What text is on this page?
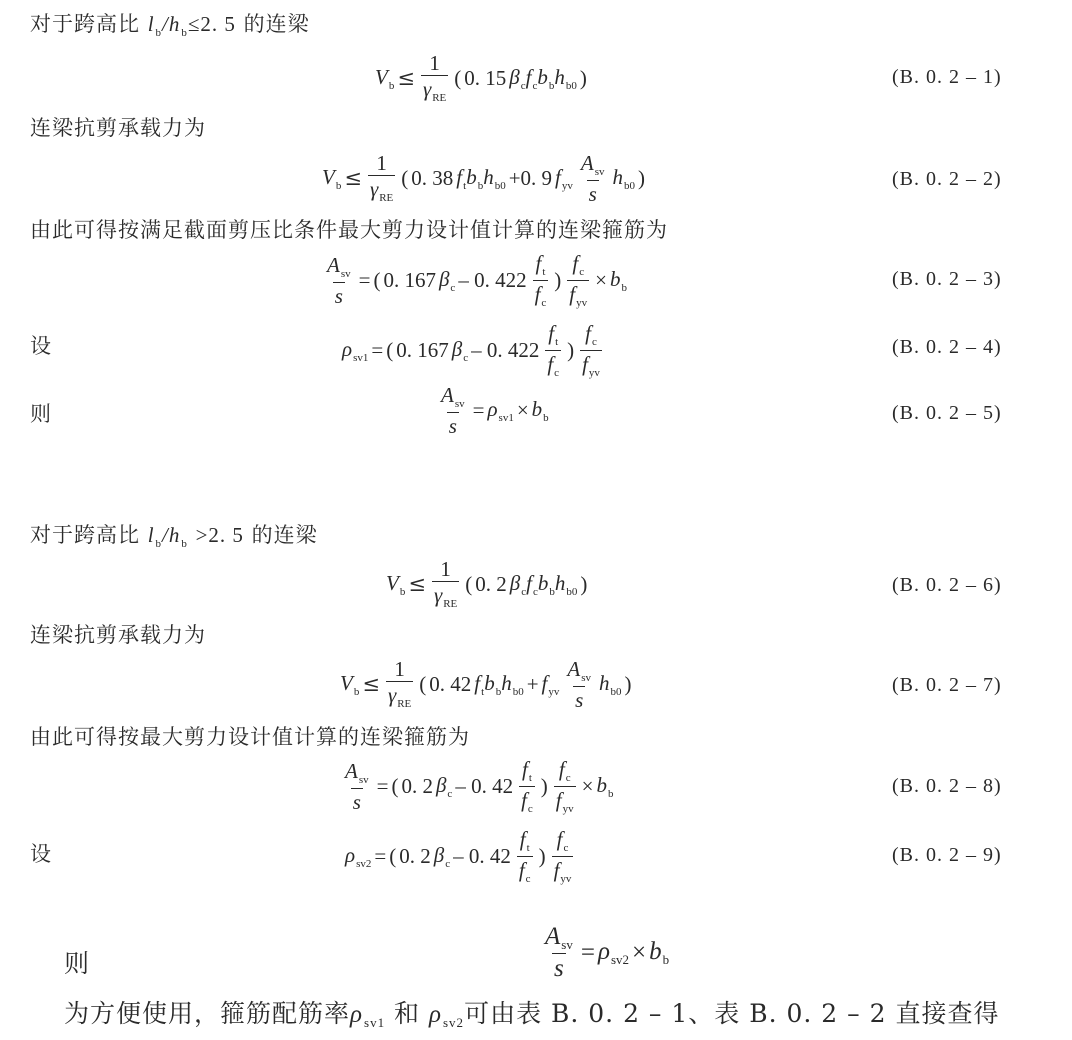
对于跨高比 $l_b/h_b\le 2$. 5 的连梁
$V_b \le \frac{1}{\gamma_{RE}}$ ( 0. 15 $\beta_cf_cb_bh_{b0}$ )	(B. 0. 2 – 1)
连梁抗剪承载力为
$V_b \le \frac{1}{\gamma_{RE}}$ ( 0. 38 $f_tb_bh_{b0} +0$. 9 $f_{yv} \frac{A_{sv}}{s} h_{b0}$ )	(B. 0. 2 – 2)
由此可得按满足截面剪压比条件最大剪力设计值计算的连梁箍筋为
$\frac{A_{sv}}{s}$ = ( 0. 167 $\beta_c - 0$. $422 \frac{f_t}{f_c}$ ) $\frac{f_c}{f_{yv}} \times b_b$	(B. 0. 2 – 3)
设	$\rho_{sv1}$ = ( 0. 167 $\beta_c - 0$. $422 \frac{f_t}{f_c}$ ) $\frac{f_c}{f_{yv}}$	(B. 0. 2 – 4)
则	$\frac{A_{sv}}{s} = \rho_{sv1} \times b_b$	(B. 0. 2 – 5)
对于跨高比 $l_b/h_b >2$. 5 的连梁
$V_b \le \frac{1}{\gamma_{RE}}$ ( 0. 2 $\beta_cf_cb_bh_{b0}$ )	(B. 0. 2 – 6)
连梁抗剪承载力为
$V_b \le \frac{1}{\gamma_{RE}}$ ( 0. 42 $f_tb_bh_{b0} + f_{yv} \frac{A_{sv}}{s} h_{b0}$ )	(B. 0. 2 – 7)
由此可得按最大剪力设计值计算的连梁箍筋为
$\frac{A_{sv}}{s}$ = ( 0. 2 $\beta_c - 0$. $42 \frac{f_t}{f_c}$ ) $\frac{f_c}{f_{yv}} \times b_b$	(B. 0. 2 – 8)
设	$\rho_{sv2}$ = ( 0. 2 $\beta_c - 0$. $42 \frac{f_t}{f_c}$ ) $\frac{f_c}{f_{yv}}$	(B. 0. 2 – 9)
则	$\frac{A_{sv}}{s} = \rho_{sv2} \times b_b$
为方便使用，箍筋配筋率$\rho_{sv1}$ 和 $\rho_{sv2}$可由表 B. 0. 2 – 1、表 B. 0. 2 – 2 直接查得
